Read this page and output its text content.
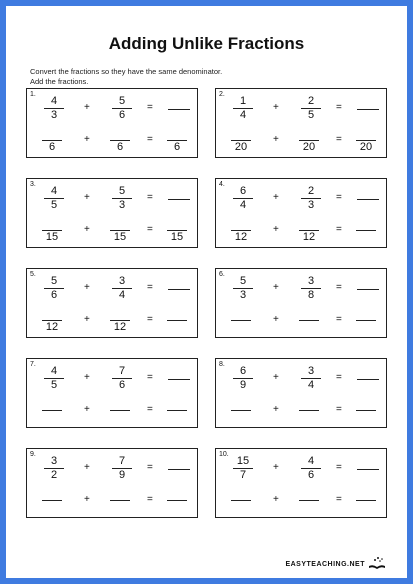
Adding Unlike Fractions
Convert the fractions so they have the same denominator.
Add the fractions.
1.
4
3
+
5
6
=
6
+
6
=
6
2.
1
4
+
2
5
=
20
+
20
=
20
3.
4
5
+
5
3
=
15
+
15
=
15
4.
6
4
+
2
3
=
12
+
12
=
5.
5
6
+
3
4
=
12
+
12
=
6.
5
3
+
3
8
=
+	=
7.
4
5
+
7
6
=
+	=
8.
6
9
+
3
4
=
+	=
9.
3
2
+
7
9
=
+	=
10.
15
7
+
4
6
=
+	=
EASYTEACHING.NET
